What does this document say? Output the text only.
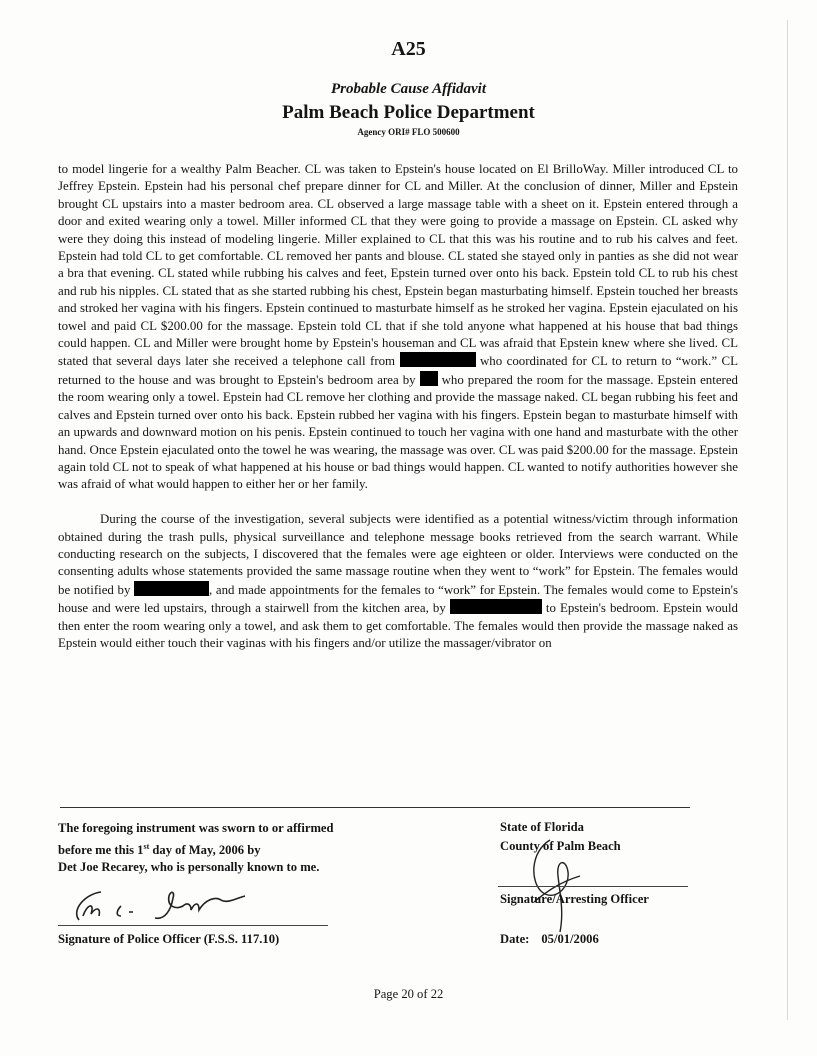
A25
Probable Cause Affidavit
Palm Beach Police Department
Agency ORI# FLO 500600

to model lingerie for a wealthy Palm Beacher. CL was taken to Epstein's house located on El BrilloWay. Miller introduced CL to Jeffrey Epstein. Epstein had his personal chef prepare dinner for CL and Miller. At the conclusion of dinner, Miller and Epstein brought CL upstairs into a master bedroom area. CL observed a large massage table with a sheet on it. Epstein entered through a door and exited wearing only a towel. Miller informed CL that they were going to provide a massage on Epstein. CL asked why were they doing this instead of modeling lingerie. Miller explained to CL that this was his routine and to rub his calves and feet. Epstein had told CL to get comfortable. CL removed her pants and blouse. CL stated she stayed only in panties as she did not wear a bra that evening. CL stated while rubbing his calves and feet, Epstein turned over onto his back. Epstein told CL to rub his chest and rub his nipples. CL stated that as she started rubbing his chest, Epstein began masturbating himself. Epstein touched her breasts and stroked her vagina with his fingers. Epstein continued to masturbate himself as he stroked her vagina. Epstein ejaculated on his towel and paid CL $200.00 for the massage. Epstein told CL that if she told anyone what happened at his house that bad things could happen. CL and Miller were brought home by Epstein's houseman and CL was afraid that Epstein knew where she lived. CL stated that several days later she received a telephone call from	who coordinated for CL to return to “work.” CL returned to the house and was brought to Epstein's bedroom area by who prepared the room for the massage. Epstein entered the room wearing only a towel. Epstein had CL remove her clothing and provide the massage naked. CL began rubbing his feet and calves and Epstein turned over onto his back. Epstein rubbed her vagina with his fingers. Epstein began to masturbate himself with an upwards and downward motion on his penis. Epstein continued to touch her vagina with one hand and masturbate with the other hand. Once Epstein ejaculated onto the towel he was wearing, the massage was over. CL was paid $200.00 for the massage. Epstein again told CL not to speak of what happened at his house or bad things would happen. CL wanted to notify authorities however she was afraid of what would happen to either her or her family.

During the course of the investigation, several subjects were identified as a potential witness/victim through information obtained during the trash pulls, physical surveillance and telephone message books retrieved from the search warrant. While conducting research on the subjects, I discovered that the females were age eighteen or older. Interviews were conducted on the consenting adults whose statements provided the same massage routine when they went to “work” for Epstein. The females would be notified by	, and made appointments for the females to “work” for Epstein. The females would come to Epstein's house and were led upstairs, through a stairwell from the kitchen area, by	to Epstein's bedroom. Epstein would then enter the room wearing only a towel, and ask them to get comfortable. The females would then provide the massage naked as Epstein would either touch their vaginas with his fingers and/or utilize the massager/vibrator on

The foregoing instrument was sworn to or affirmed
before me this 1st day of May, 2006 by
Det Joe Recarey, who is personally known to me.
Signature of Police Officer (F.S.S. 117.10)
State of Florida
County of Palm Beach
Signature/Arresting Officer
Date: 05/01/2006
Page 20 of 22
